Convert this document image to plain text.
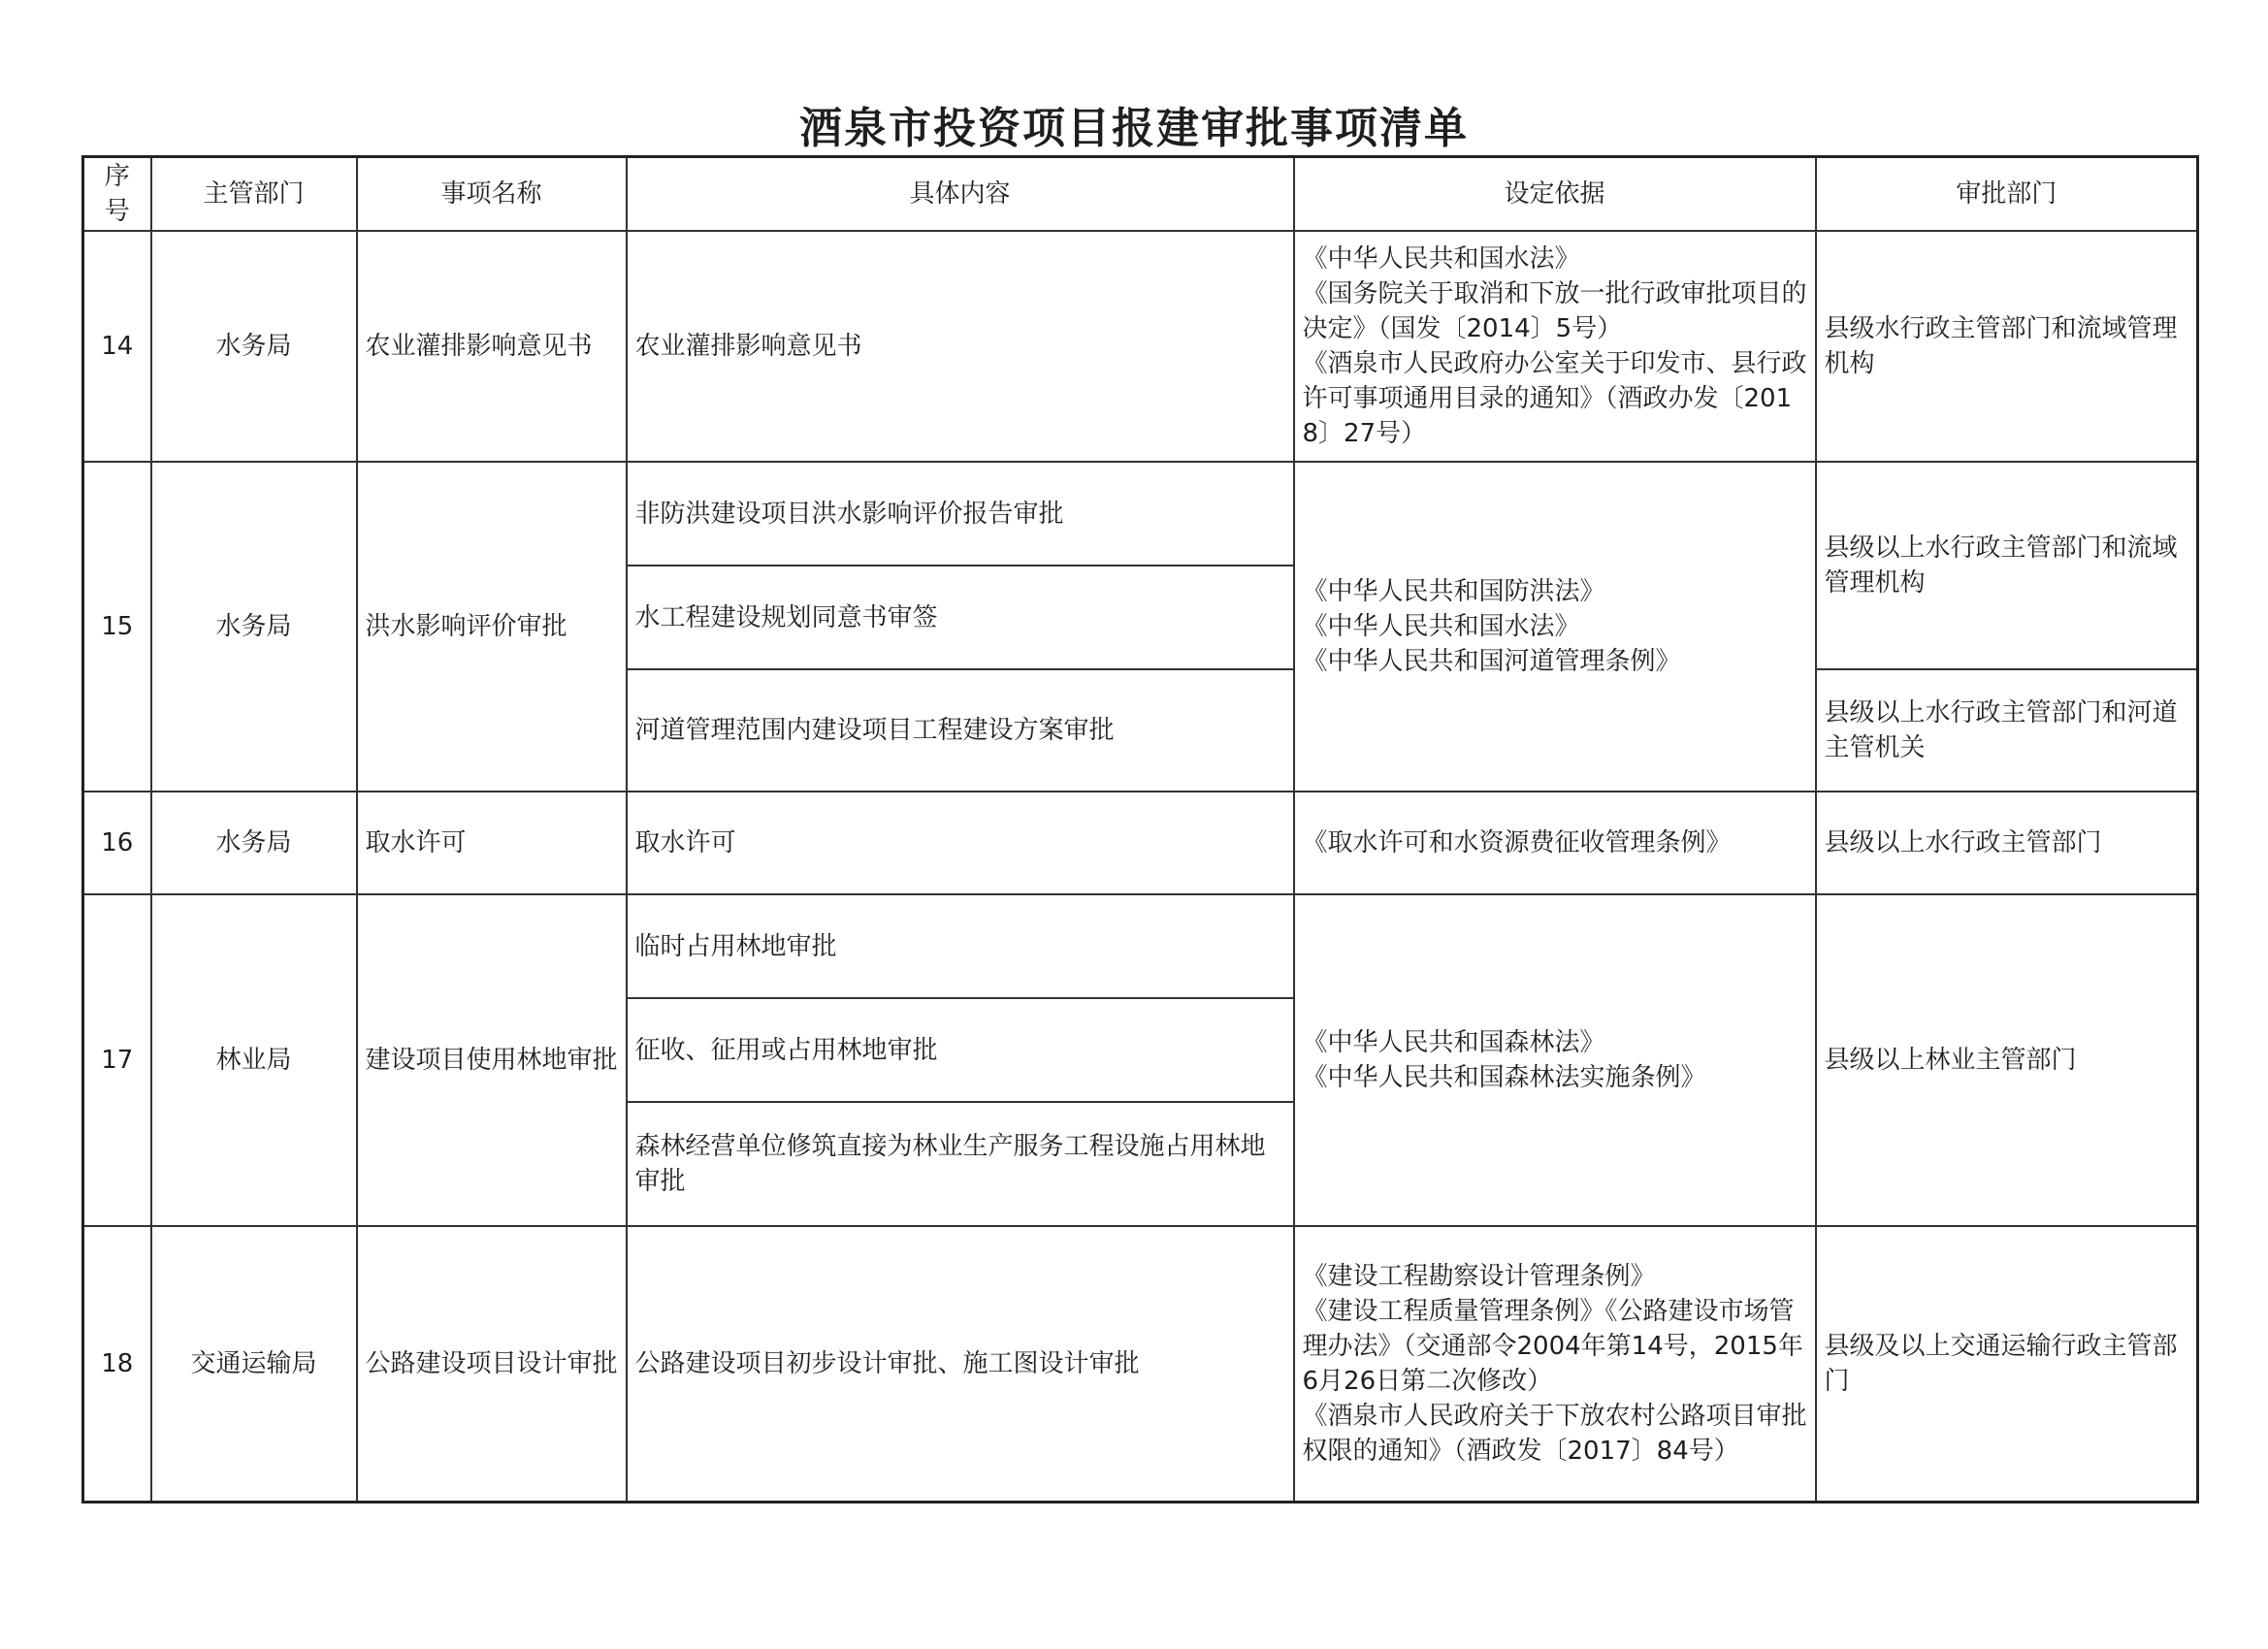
酒泉市投资项目报建审批事项清单
序号	主管部门	事项名称	具体内容	设定依据	审批部门
14	水务局	农业灌排影响意见书	农业灌排影响意见书	《中华人民共和国水法》
《国务院关于取消和下放一批行政审批项目的决定》（国发〔2014〕5号）
《酒泉市人民政府办公室关于印发市、县行政许可事项通用目录的通知》（酒政办发〔2018〕27号）	县级水行政主管部门和流域管理机构
15	水务局	洪水影响评价审批	非防洪建设项目洪水影响评价报告审批	《中华人民共和国防洪法》
《中华人民共和国水法》
《中华人民共和国河道管理条例》	县级以上水行政主管部门和流域管理机构
			水工程建设规划同意书审签		
			河道管理范围内建设项目工程建设方案审批		县级以上水行政主管部门和河道主管机关
16	水务局	取水许可	取水许可	《取水许可和水资源费征收管理条例》	县级以上水行政主管部门
17	林业局	建设项目使用林地审批	临时占用林地审批	《中华人民共和国森林法》
《中华人民共和国森林法实施条例》	县级以上林业主管部门
			征收、征用或占用林地审批		
			森林经营单位修筑直接为林业生产服务工程设施占用林地审批		
18	交通运输局	公路建设项目设计审批	公路建设项目初步设计审批、施工图设计审批	《建设工程勘察设计管理条例》
《建设工程质量管理条例》《公路建设市场管理办法》（交通部令2004年第14号，2015年6月26日第二次修改）
《酒泉市人民政府关于下放农村公路项目审批权限的通知》（酒政发〔2017〕84号）	县级及以上交通运输行政主管部门
